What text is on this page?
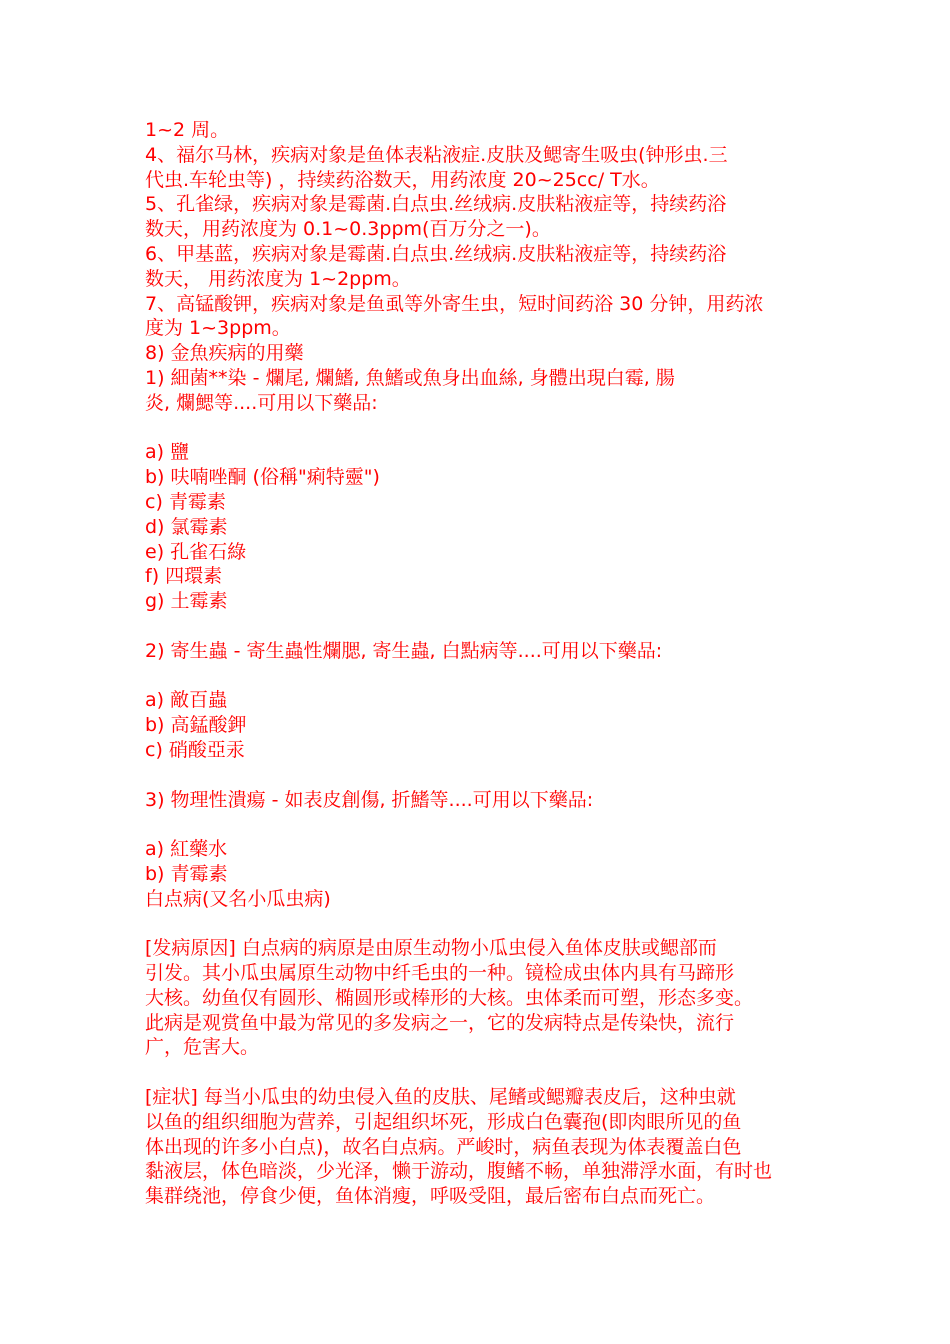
1~2 周。
4、福尔马林，疾病对象是鱼体表粘液症.皮肤及鳃寄生吸虫(钟形虫.三
代虫.车轮虫等) ，持续药浴数天，用药浓度 20~25cc/ T水。
5、孔雀绿，疾病对象是霉菌.白点虫.丝绒病.皮肤粘液症等，持续药浴
数天，用药浓度为 0.1~0.3ppm(百万分之一)。
6、甲基蓝，疾病对象是霉菌.白点虫.丝绒病.皮肤粘液症等，持续药浴
数天， 用药浓度为 1~2ppm。
7、高锰酸钾，疾病对象是鱼虱等外寄生虫，短时间药浴 30 分钟，用药浓
度为 1~3ppm。
8) 金魚疾病的用藥
1) 細菌**染 - 爛尾, 爛鰭, 魚鰭或魚身出血絲, 身體出現白霉, 腸
炎, 爛鰓等....可用以下藥品:
a) 鹽
b) 呋喃唑酮 (俗稱"痢特靈")
c) 青霉素
d) 氯霉素
e) 孔雀石綠
f) 四環素
g) 土霉素
2) 寄生蟲 - 寄生蟲性爛腮, 寄生蟲, 白點病等....可用以下藥品:
a) 敵百蟲
b) 高錳酸鉀
c) 硝酸亞汞
3) 物理性潰瘍 - 如表皮創傷, 折鰭等....可用以下藥品:
a) 紅藥水
b) 青霉素
白点病(又名小瓜虫病)
[发病原因] 白点病的病原是由原生动物小瓜虫侵入鱼体皮肤或鳃部而
引发。其小瓜虫属原生动物中纤毛虫的一种。镜检成虫体内具有马蹄形
大核。幼鱼仅有圆形、椭圆形或棒形的大核。虫体柔而可塑，形态多变。
此病是观赏鱼中最为常见的多发病之一，它的发病特点是传染快，流行
广，危害大。
[症状] 每当小瓜虫的幼虫侵入鱼的皮肤、尾鳍或鳃瓣表皮后，这种虫就
以鱼的组织细胞为营养，引起组织坏死，形成白色囊孢(即肉眼所见的鱼
体出现的许多小白点)，故名白点病。严峻时，病鱼表现为体表覆盖白色
黏液层，体色暗淡，少光泽，懒于游动，腹鳍不畅，单独滞浮水面，有时也
集群绕池，停食少便，鱼体消瘦，呼吸受阻，最后密布白点而死亡。
